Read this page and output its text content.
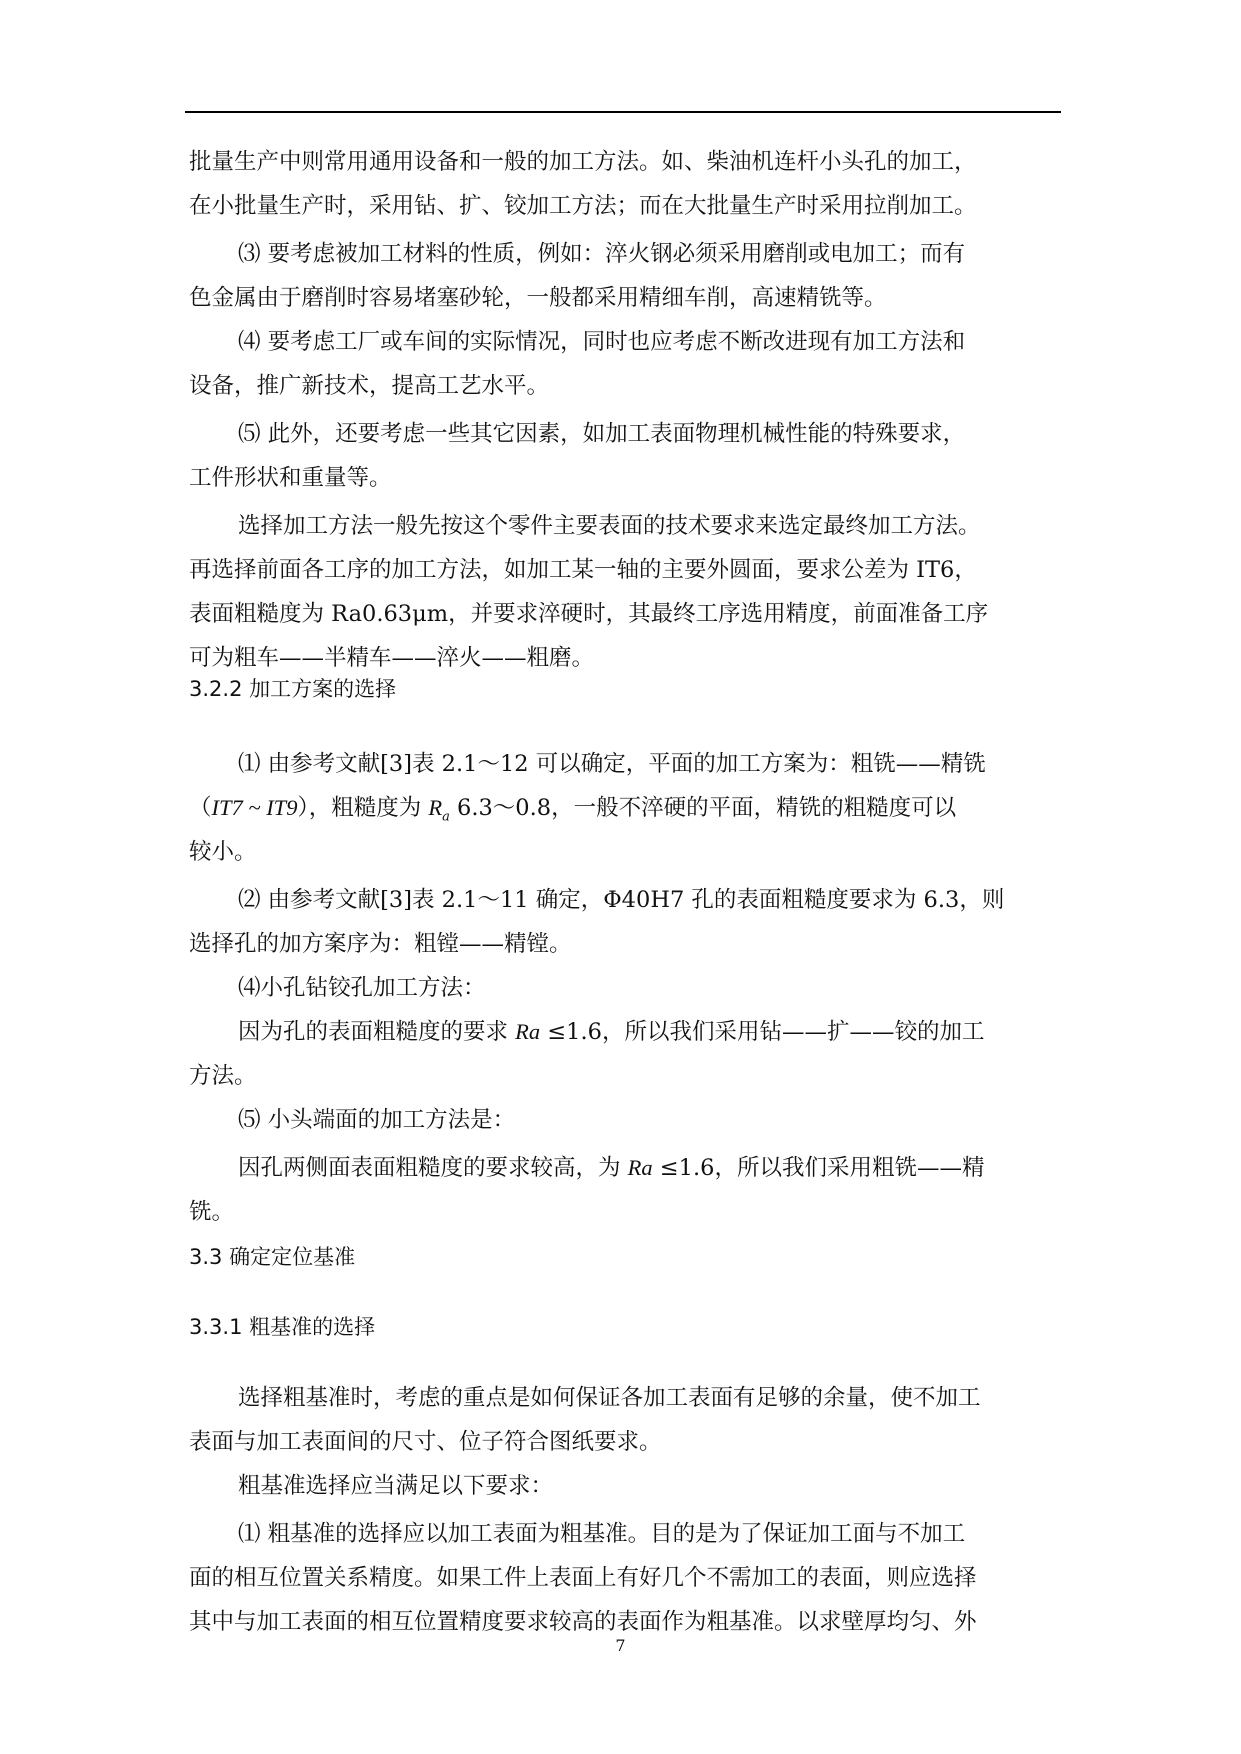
批量生产中则常用通用设备和一般的加工方法。如、柴油机连杆小头孔的加工，
在小批量生产时，采用钻、扩、铰加工方法；而在大批量生产时采用拉削加工。
⑶ 要考虑被加工材料的性质，例如：淬火钢必须采用磨削或电加工；而有
色金属由于磨削时容易堵塞砂轮，一般都采用精细车削，高速精铣等。
⑷ 要考虑工厂或车间的实际情况，同时也应考虑不断改进现有加工方法和
设备，推广新技术，提高工艺水平。
⑸ 此外，还要考虑一些其它因素，如加工表面物理机械性能的特殊要求，
工件形状和重量等。
选择加工方法一般先按这个零件主要表面的技术要求来选定最终加工方法。
再选择前面各工序的加工方法，如加工某一轴的主要外圆面，要求公差为 IT6，
表面粗糙度为 Ra0.63μm，并要求淬硬时，其最终工序选用精度，前面准备工序
可为粗车——半精车——淬火——粗磨。
3.2.2 加工方案的选择
⑴ 由参考文献[3]表 2.1～12 可以确定，平面的加工方案为：粗铣——精铣
（IT7 ~ IT9），粗糙度为 $R_a$ 6.3～0.8，一般不淬硬的平面，精铣的粗糙度可以
较小。
⑵ 由参考文献[3]表 2.1～11 确定，Φ40H7 孔的表面粗糙度要求为 6.3，则
选择孔的加方案序为：粗镗——精镗。
⑷小孔钻铰孔加工方法：
因为孔的表面粗糙度的要求 Ra ≤1.6，所以我们采用钻——扩——铰的加工
方法。
⑸ 小头端面的加工方法是：
因孔两侧面表面粗糙度的要求较高，为 Ra ≤1.6，所以我们采用粗铣——精
铣。
3.3 确定定位基准
3.3.1 粗基准的选择
选择粗基准时，考虑的重点是如何保证各加工表面有足够的余量，使不加工
表面与加工表面间的尺寸、位子符合图纸要求。
粗基准选择应当满足以下要求：
⑴ 粗基准的选择应以加工表面为粗基准。目的是为了保证加工面与不加工
面的相互位置关系精度。如果工件上表面上有好几个不需加工的表面，则应选择
其中与加工表面的相互位置精度要求较高的表面作为粗基准。以求壁厚均匀、外
7
